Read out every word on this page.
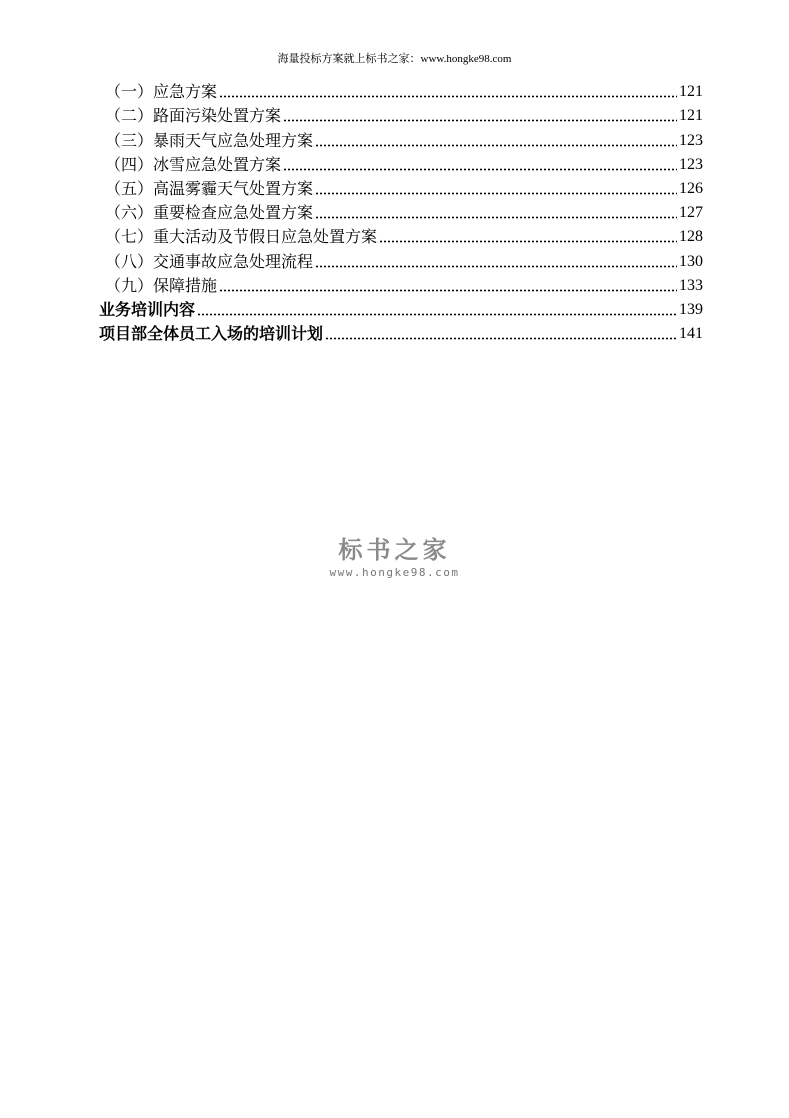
海量投标方案就上标书之家：www.hongke98.com
（一）应急方案	121
（二）路面污染处置方案	121
（三）暴雨天气应急处理方案	123
（四）冰雪应急处置方案	123
（五）高温雾霾天气处置方案	126
（六）重要检查应急处置方案	127
（七）重大活动及节假日应急处置方案	128
（八）交通事故应急处理流程	130
（九）保障措施	133
业务培训内容	139
项目部全体员工入场的培训计划	141
标书之家
www.hongke98.com
